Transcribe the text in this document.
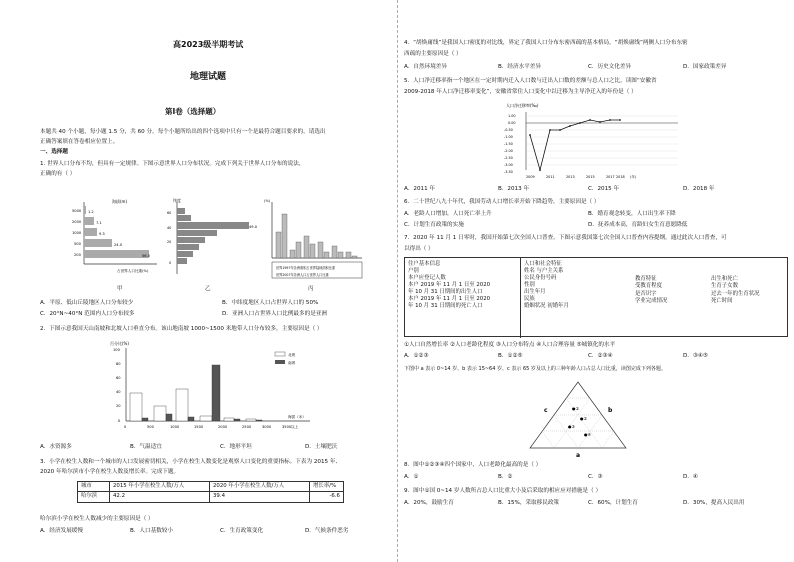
高2023级半期考试
地理试题
第Ⅰ卷（选择题）
本题共 40 个小题，每小题 1.5 分，共 60 分。每个小题所给出的四个选项中只有一个是最符合题目要求的，请选出
正确答案填在答卷相应位置上。
一、选择题
1. 世界人口分布不均，但具有一定规律。下图示意世界人口分布状况。完成下列关于世界人口分布的说法，
正确的有（ ）
海拔(m)
5000
2000
1000
500
200
1.2
7.1
9.3
24.0
56.5
占世界人口比重(%)
甲
纬度
49.0
60
40
20
0
乙
(%)
世界1997年各洲面积占世界陆地面积比重
世界2007年各洲人口占世界人口比重
丙
A．平原、低山丘陵地区人口分布较少	B．中纬度地区人口占世界人口的 50%
C．20°N~40°N 范围内人口分布较多	D．亚洲人口占世界人口比例最多的是亚洲
2．下图示意我国天山南坡和北坡人口垂直分布。该山地南坡 1000~1500 米地带人口分布较多，主要原因是（ ）
百分比(%)
100
80
60
40
20
0
北坡
南坡
0	500	1000	1500	2000	2500	3000	3500以上
海拔（米）
A．水资源多	B．气温适宜	C．地形平坦	D．土壤肥沃
3．小学在校生人数和一个城市的人口发展密切相关，小学在校生人数变化是观察人口变化的重要指标。下表为 2015 年、
2020 年哈尔滨市小学在校生人数及增长率。完成下题。
城市	2015 年小学在校生人数/万人	2020 年小学在校生人数/万人	增长率/%
哈尔滨	42.2	39.4	-6.6
哈尔滨小学在校生人数减少的主要原因是（ ）
A．经济发展缓慢	B．人口基数较小	C．生育政策变化	D．气候条件恶劣
4．“胡焕庸线”是我国人口密度的对比线，界定了我国人口分布东密西疏的基本格局。“胡焕庸线”两侧人口分布东密
西疏的主要原因是（ ）
A．自然环境差异	B．经济水平差异	C．历史文化差异	D．国家政策差异
5．人口净迁移率指一个地区在一定时期内迁入人口数与迁出人口数的差额与总人口之比，读图“安徽省
2009-2018 年人口净迁移率变化”，安徽省常住人口变化中以迁移为主导净迁入的年份是（ ）
人口净迁移率(‰)
1.00
0.00
-0.50
-1.00
-1.50
-2.00
-2.50
-3.00
-3.50
2009	2011	2013	2015	2017 2018 (年)
A．2011 年	B．2013 年	C．2015 年	D．2018 年
6．二十世纪八九十年代，我国劳动人口增长率开始下降趋势，主要原因是（ ）
A．老龄人口增加，人口死亡率上升	B．婚育观念转变，人口出生率下降
C．计划生育政策的实施	D．抚养成本高，育龄妇女生育意愿降低
7．2020 年 11 月 1 日零时，我国开始第七次全国人口普查。下图示意我国第七次全国人口普查内容提纲。通过此次人口普查，可
以得出（ ）
住户基本信息
户别
本户应登记人数
本户 2019 年 11 月 1 日至 2020
年 10 月 31 日期间的出生人口
本户 2019 年 11 月 1 日至 2020
年 10 月 31 日期间的死亡人口
人口和社会特征
姓名 与户主关系
公民身份号码
性别
出生年月
民族
婚姻状况 初婚年月
教育特征
受教育程度
是否识字
学业完成情况
出生和死亡
生育子女数
过去一年的生育状况
死亡时间
①人口自然增长率 ②人口老龄化程度 ③人口分布特点 ④人口合理容量 ⑤城镇化的水平
A．①②③	B．①②⑤	C．②③④	D．③④⑤
下图中 a 表示 0~14 岁、b 表示 15~64 岁、c 表示 65 岁及以上的三种年龄人口占总人口比重，读图完成下列各题。
●①
●②
●③
●④
c	b
a
8．图中①②③④四个国家中，人口老龄化最高的是（ ）
A．①	B．②	C．③	D．④
9．图中①国 0~14 岁人数所占总人口比重大小及后采取的相应应对措施是（ ）
A．20%，鼓励生育	B．15%，采取移民政策	C．60%，计划生育	D．30%，提高人民出用
